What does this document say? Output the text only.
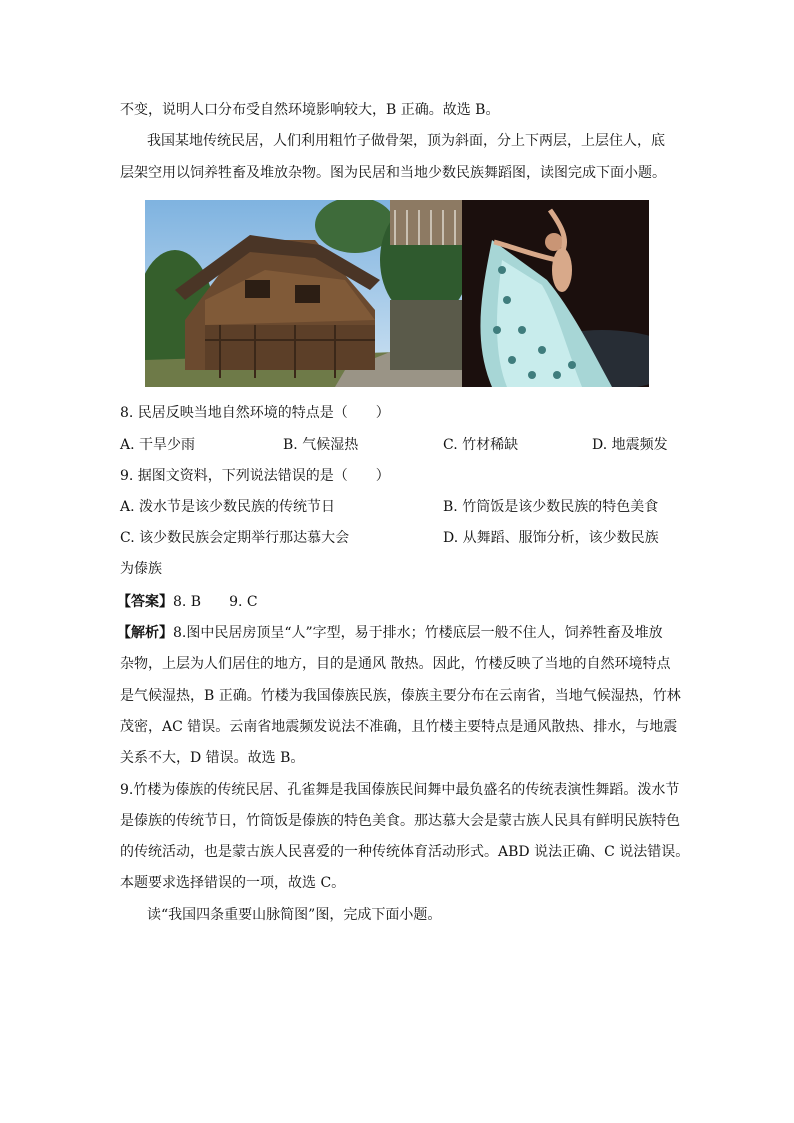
不变，说明人口分布受自然环境影响较大，B 正确。故选 B。
我国某地传统民居，人们利用粗竹子做骨架，顶为斜面，分上下两层，上层住人，底
层架空用以饲养牲畜及堆放杂物。图为民居和当地少数民族舞蹈图，读图完成下面小题。
8. 民居反映当地自然环境的特点是（　　）
A. 干旱少雨	B. 气候湿热	C. 竹材稀缺	D. 地震频发
9. 据图文资料，下列说法错误的是（　　）
A. 泼水节是该少数民族的传统节日	B. 竹筒饭是该少数民族的特色美食
C. 该少数民族会定期举行那达慕大会	D. 从舞蹈、服饰分析，该少数民族
为傣族
【答案】8. B　　9. C
【解析】8.图中民居房顶呈“人”字型，易于排水；竹楼底层一般不住人，饲养牲畜及堆放
杂物，上层为人们居住的地方，目的是通风 散热。因此，竹楼反映了当地的自然环境特点
是气候湿热，B 正确。竹楼为我国傣族民族，傣族主要分布在云南省，当地气候湿热，竹林
茂密，AC 错误。云南省地震频发说法不准确，且竹楼主要特点是通风散热、排水，与地震
关系不大，D 错误。故选 B。
9.竹楼为傣族的传统民居、孔雀舞是我国傣族民间舞中最负盛名的传统表演性舞蹈。泼水节
是傣族的传统节日，竹筒饭是傣族的特色美食。那达慕大会是蒙古族人民具有鲜明民族特色
的传统活动，也是蒙古族人民喜爱的一种传统体育活动形式。ABD 说法正确、C 说法错误。
本题要求选择错误的一项，故选 C。
读“我国四条重要山脉简图”图，完成下面小题。
